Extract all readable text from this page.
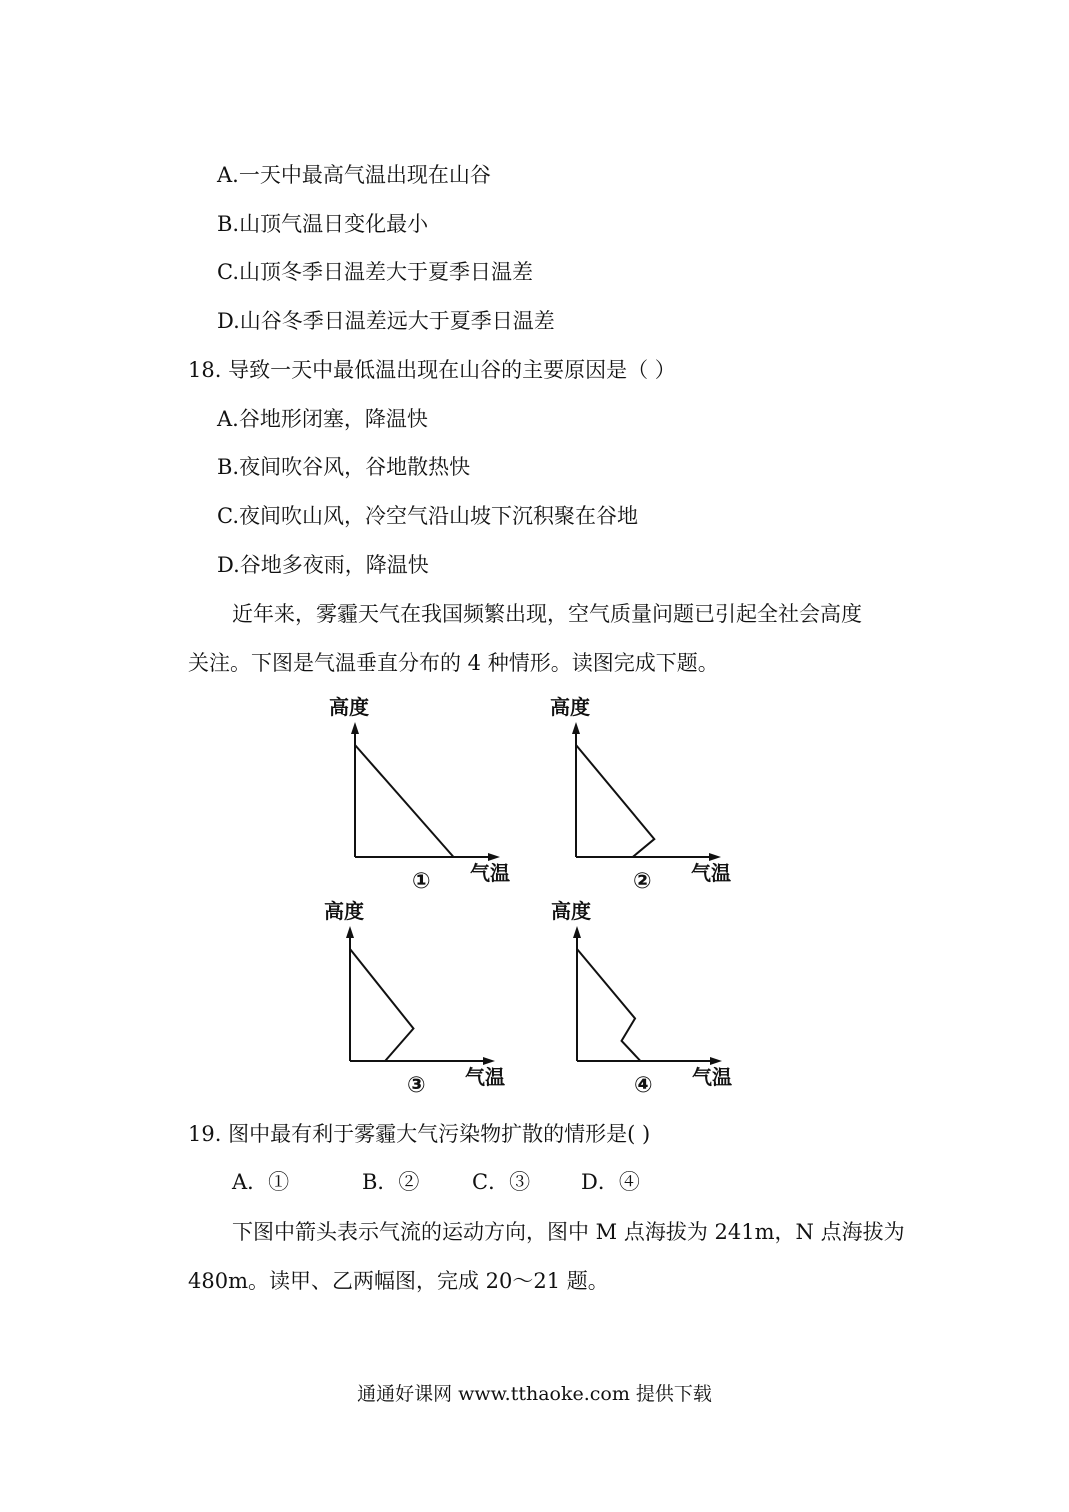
A.一天中最高气温出现在山谷
B.山顶气温日变化最小
C.山顶冬季日温差大于夏季日温差
D.山谷冬季日温差远大于夏季日温差
18. 导致一天中最低温出现在山谷的主要原因是（ ）
A.谷地形闭塞，降温快
B.夜间吹谷风，谷地散热快
C.夜间吹山风，冷空气沿山坡下沉积聚在谷地
D.谷地多夜雨，降温快
近年来，雾霾天气在我国频繁出现，空气质量问题已引起全社会高度
关注。下图是气温垂直分布的 4 种情形。读图完成下题。
高度
气温
①
高度
气温
②
高度
气温
③
高度
气温
④
19. 图中最有利于雾霾大气污染物扩散的情形是( )
A．①	B．②	C．③ D．④
下图中箭头表示气流的运动方向，图中 M 点海拔为 241m，N 点海拔为
480m。读甲、乙两幅图，完成 20～21 题。
通通好课网 www.tthaoke.com 提供下载
